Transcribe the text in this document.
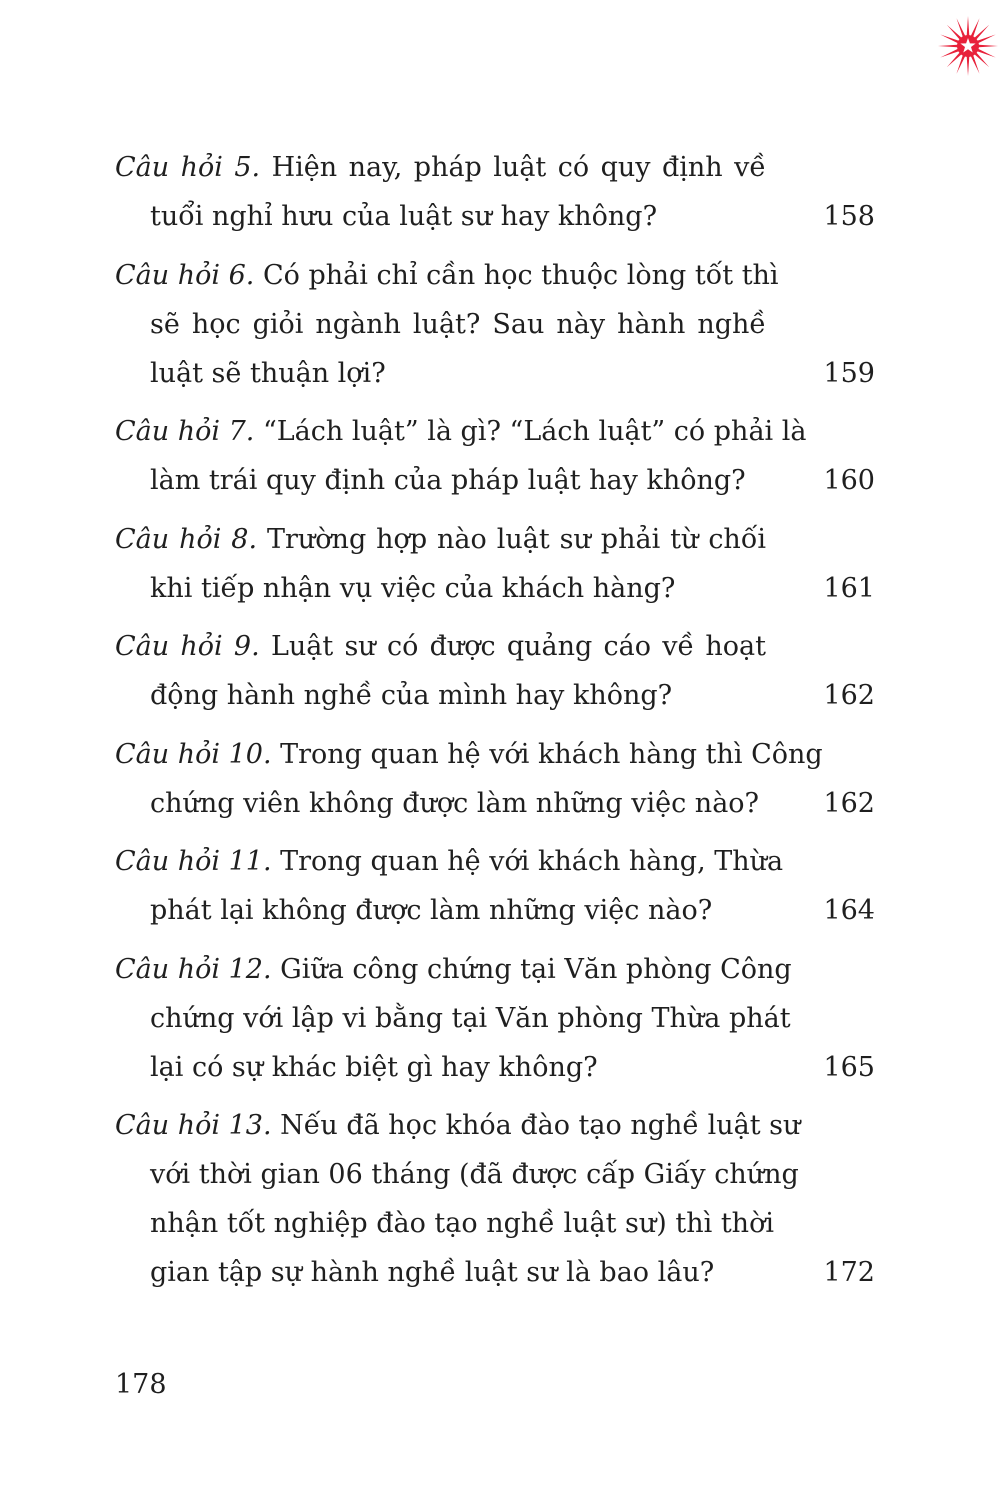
Câu hỏi 5. Hiện nay, pháp luật có quy định về
tuổi nghỉ hưu của luật sư hay không?	158
Câu hỏi 6. Có phải chỉ cần học thuộc lòng tốt thì
sẽ học giỏi ngành luật? Sau này hành nghề
luật sẽ thuận lợi?	159
Câu hỏi 7. “Lách luật” là gì? “Lách luật” có phải là
làm trái quy định của pháp luật hay không?	160
Câu hỏi 8. Trường hợp nào luật sư phải từ chối
khi tiếp nhận vụ việc của khách hàng?	161
Câu hỏi 9. Luật sư có được quảng cáo về hoạt
động hành nghề của mình hay không?	162
Câu hỏi 10. Trong quan hệ với khách hàng thì Công
chứng viên không được làm những việc nào? 162
Câu hỏi 11. Trong quan hệ với khách hàng, Thừa
phát lại không được làm những việc nào?	164
Câu hỏi 12. Giữa công chứng tại Văn phòng Công
chứng với lập vi bằng tại Văn phòng Thừa phát
lại có sự khác biệt gì hay không?	165
Câu hỏi 13. Nếu đã học khóa đào tạo nghề luật sư
với thời gian 06 tháng (đã được cấp Giấy chứng
nhận tốt nghiệp đào tạo nghề luật sư) thì thời
gian tập sự hành nghề luật sư là bao lâu?	172
178
